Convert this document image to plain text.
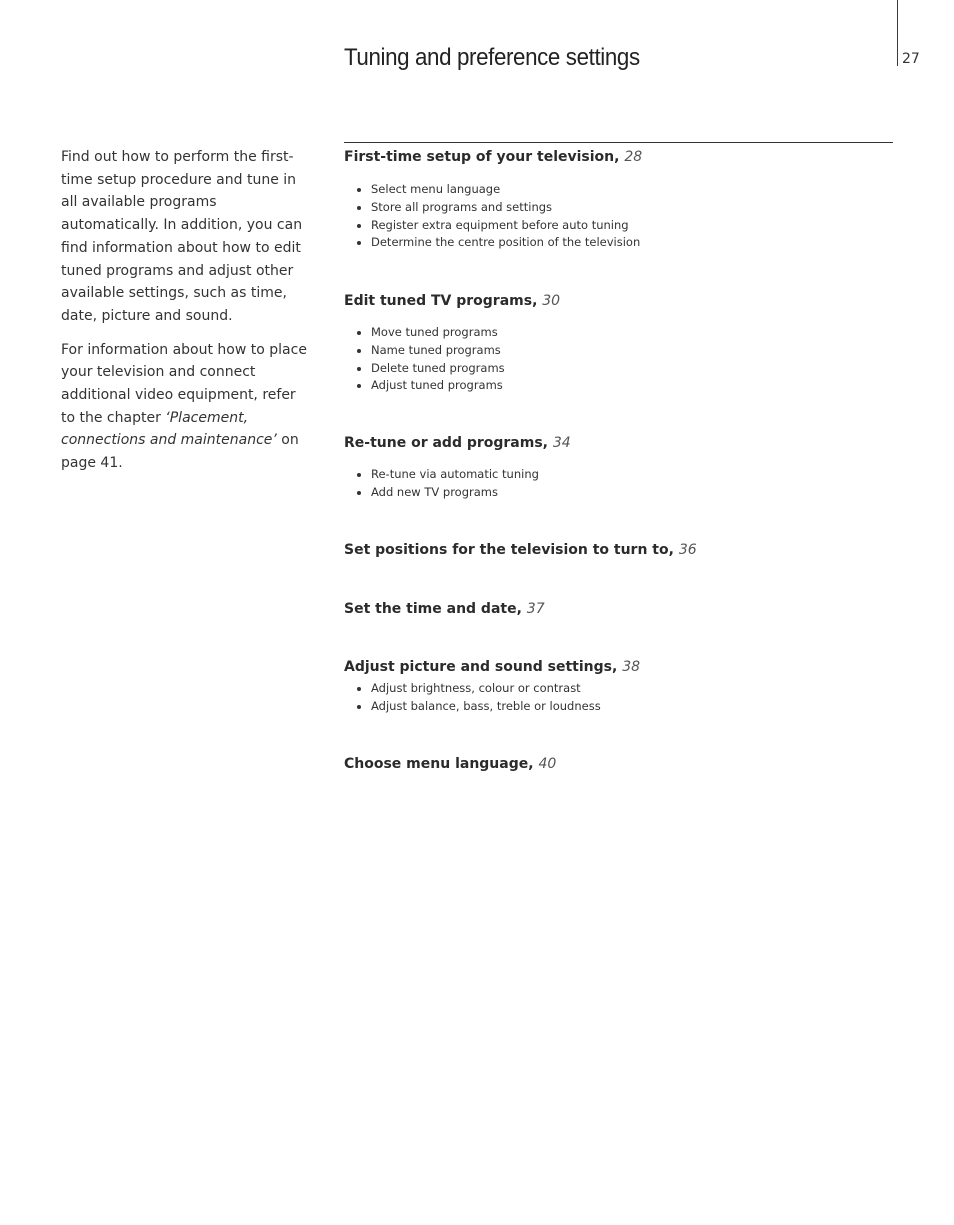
27
Tuning and preference settings

Find out how to perform the first-time setup procedure and tune in all available programs automatically. In addition, you can find information about how to edit tuned programs and adjust other available settings, such as time, date, picture and sound.

For information about how to place your television and connect additional video equipment, refer to the chapter ‘Placement, connections and maintenance’ on page 41.

First-time setup of your television, 28
Select menu language
Store all programs and settings
Register extra equipment before auto tuning
Determine the centre position of the television
Edit tuned TV programs, 30
Move tuned programs
Name tuned programs
Delete tuned programs
Adjust tuned programs
Re-tune or add programs, 34
Re-tune via automatic tuning
Add new TV programs
Set positions for the television to turn to, 36
Set the time and date, 37
Adjust picture and sound settings, 38
Adjust brightness, colour or contrast
Adjust balance, bass, treble or loudness
Choose menu language, 40
